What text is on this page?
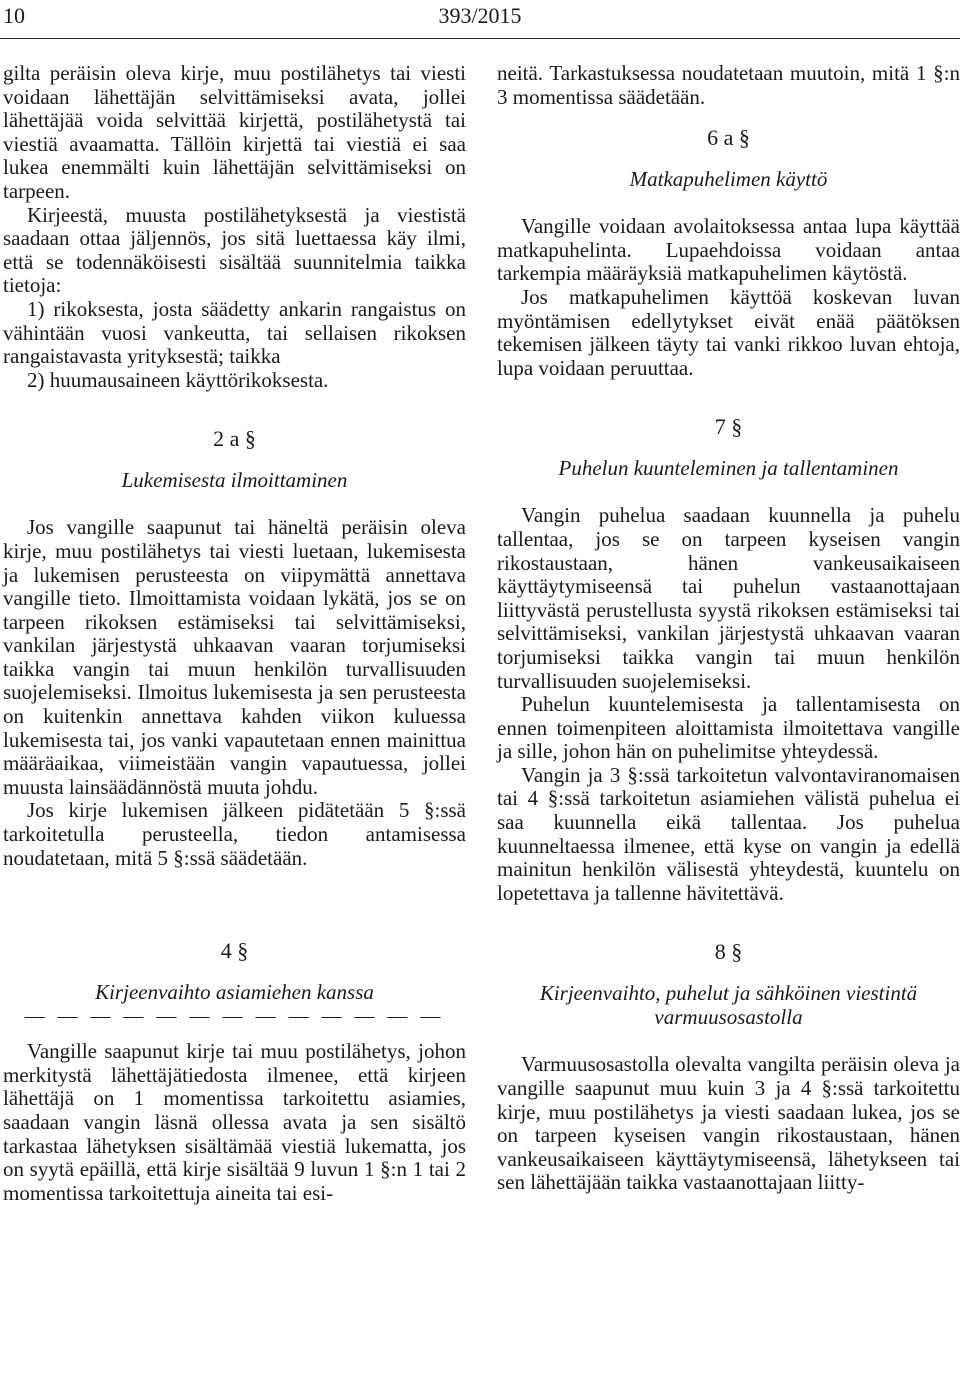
10	393/2015

gilta peräisin oleva kirje, muu postilähetys tai viesti voidaan lähettäjän selvittämiseksi avata, jollei lähettäjää voida selvittää kirjettä, postilähetystä tai viestiä avaamatta. Tällöin kirjettä tai viestiä ei saa lukea enemmälti kuin lähettäjän selvittämiseksi on tarpeen.

Kirjeestä, muusta postilähetyksestä ja viestistä saadaan ottaa jäljennös, jos sitä luettaessa käy ilmi, että se todennäköisesti sisältää suunnitelmia taikka tietoja:

1) rikoksesta, josta säädetty ankarin rangaistus on vähintään vuosi vankeutta, tai sellaisen rikoksen rangaistavasta yrityksestä; taikka

2) huumausaineen käyttörikoksesta.

2 a §

Lukemisesta ilmoittaminen

Jos vangille saapunut tai häneltä peräisin oleva kirje, muu postilähetys tai viesti luetaan, lukemisesta ja lukemisen perusteesta on viipymättä annettava vangille tieto. Ilmoittamista voidaan lykätä, jos se on tarpeen rikoksen estämiseksi tai selvittämiseksi, vankilan järjestystä uhkaavan vaaran torjumiseksi taikka vangin tai muun henkilön turvallisuuden suojelemiseksi. Ilmoitus lukemisesta ja sen perusteesta on kuitenkin annettava kahden viikon kuluessa lukemisesta tai, jos vanki vapautetaan ennen mainittua määräaikaa, viimeistään vangin vapautuessa, jollei muusta lainsäädännöstä muuta johdu.

Jos kirje lukemisen jälkeen pidätetään 5 §:ssä tarkoitetulla perusteella, tiedon antamisessa noudatetaan, mitä 5 §:ssä säädetään.

4 §

Kirjeenvaihto asiamiehen kanssa

— — — — — — — — — — — — —

Vangille saapunut kirje tai muu postilähetys, johon merkitystä lähettäjätiedosta ilmenee, että kirjeen lähettäjä on 1 momentissa tarkoitettu asiamies, saadaan vangin läsnä ollessa avata ja sen sisältö tarkastaa lähetyksen sisältämää viestiä lukematta, jos on syytä epäillä, että kirje sisältää 9 luvun 1 §:n 1 tai 2 momentissa tarkoitettuja aineita tai esi-

neitä. Tarkastuksessa noudatetaan muutoin, mitä 1 §:n 3 momentissa säädetään.

6 a §

Matkapuhelimen käyttö

Vangille voidaan avolaitoksessa antaa lupa käyttää matkapuhelinta. Lupaehdoissa voidaan antaa tarkempia määräyksiä matkapuhelimen käytöstä.

Jos matkapuhelimen käyttöä koskevan luvan myöntämisen edellytykset eivät enää päätöksen tekemisen jälkeen täyty tai vanki rikkoo luvan ehtoja, lupa voidaan peruuttaa.

7 §

Puhelun kuunteleminen ja tallentaminen

Vangin puhelua saadaan kuunnella ja puhelu tallentaa, jos se on tarpeen kyseisen vangin rikostaustaan, hänen vankeusaikaiseen käyttäytymiseensä tai puhelun vastaanottajaan liittyvästä perustellusta syystä rikoksen estämiseksi tai selvittämiseksi, vankilan järjestystä uhkaavan vaaran torjumiseksi taikka vangin tai muun henkilön turvallisuuden suojelemiseksi.

Puhelun kuuntelemisesta ja tallentamisesta on ennen toimenpiteen aloittamista ilmoitettava vangille ja sille, johon hän on puhelimitse yhteydessä.

Vangin ja 3 §:ssä tarkoitetun valvontaviranomaisen tai 4 §:ssä tarkoitetun asiamiehen välistä puhelua ei saa kuunnella eikä tallentaa. Jos puhelua kuunneltaessa ilmenee, että kyse on vangin ja edellä mainitun henkilön välisestä yhteydestä, kuuntelu on lopetettava ja tallenne hävitettävä.

8 §

Kirjeenvaihto, puhelut ja sähköinen viestintä varmuusosastolla

Varmuusosastolla olevalta vangilta peräisin oleva ja vangille saapunut muu kuin 3 ja 4 §:ssä tarkoitettu kirje, muu postilähetys ja viesti saadaan lukea, jos se on tarpeen kyseisen vangin rikostaustaan, hänen vankeusaikaiseen käyttäytymiseensä, lähetykseen tai sen lähettäjään taikka vastaanottajaan liitty-
